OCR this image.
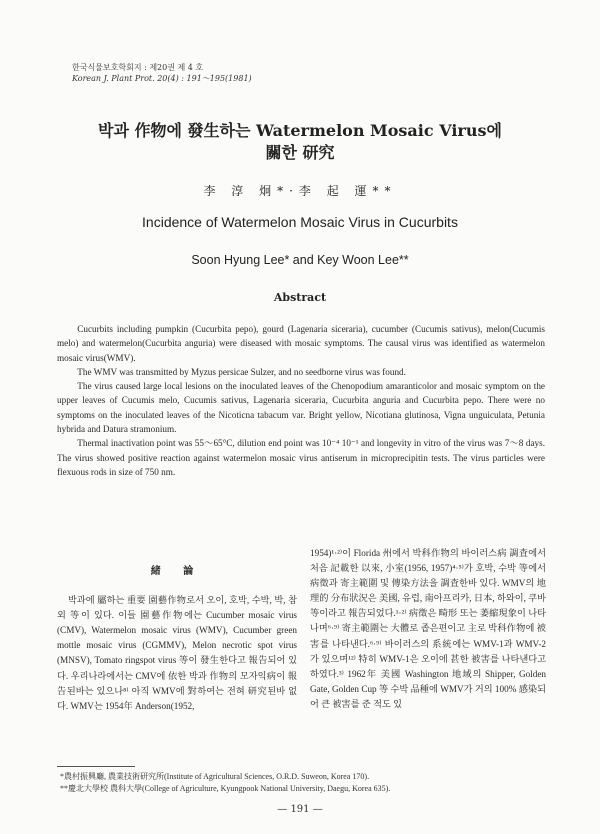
한국식물보호학회지 : 제20권 제 4 호
Korean J. Plant Prot. 20(4) : 191～195(1981)
박과 作物에 發生하는 Watermelon Mosaic Virus에
關한 研究
李 淳 炯*·李 起 運**
Incidence of Watermelon Mosaic Virus in Cucurbits
Soon Hyung Lee* and Key Woon Lee**
Abstract

Cucurbits including pumpkin (Cucurbita pepo), gourd (Lagenaria siceraria), cucumber (Cucumis sativus), melon(Cucumis melo) and watermelon(Cucurbita anguria) were diseased with mosaic symptoms. The causal virus was identified as watermelon mosaic virus(WMV).

The WMV was transmitted by Myzus persicae Sulzer, and no seedborne virus was found.

The virus caused large local lesions on the inoculated leaves of the Chenopodium amaranticolor and mosaic symptom on the upper leaves of Cucumis melo, Cucumis sativus, Lagenaria siceraria, Cucurbita anguria and Cucurbita pepo. There were no symptoms on the inoculated leaves of the Nicoticna tabacum var. Bright yellow, Nicotiana glutinosa, Vigna unguiculata, Petunia hybrida and Datura stramonium.

Thermal inactivation point was 55～65°C, dilution end point was 10⁻⁴ 10⁻¹ and longevity in vitro of the virus was 7～8 days. The virus showed positive reaction against watermelon mosaic virus antiserum in microprecipitin tests. The virus particles were flexuous rods in size of 750 nm.

緒 論

박과에 屬하는 重要 園藝作物로서 오이, 호박, 수박, 박, 참외 等이 있다. 이들 園藝作物에는 Cucumber mosaic virus (CMV), Watermelon mosaic virus (WMV), Cucumber green mottle mosaic virus (CGMMV), Melon necrotic spot virus (MNSV), Tomato ringspot virus 等이 發生한다고 報告되어 있다. 우리나라에서는 CMV에 依한 박과 作物의 모자익病이 報告된바는 있으나⁸⁾ 아직 WMV에 對하여는 전혀 研究된바 없다. WMV는 1954年 Anderson(1952,

1954)¹⋅²⁾이 Florida 州에서 박科作物의 바이러스病 調査에서 처음 記載한 以來, 小室(1956, 1957)⁴⋅⁵⁾가 호박, 수박 等에서 病徵과 寄主範圍 및 傳染方法을 調査한바 있다. WMV의 地理的 分布狀況은 美國, 유럽, 南아프리카, 日本, 하와이, 쿠바 等이라고 報告되었다.¹⋅²⁾ 病徵은 畸形 또는 萎縮現象이 나타나며⁶⋅⁹⁾ 寄主範圍는 大體로 좁은편이고 主로 박科作物에 被害를 나타낸다.⁶⋅⁹⁾ 바이러스의 系統에는 WMV-1과 WMV-2가 있으며¹²⁾ 特히 WMV-1은 오이에 甚한 被害를 나타낸다고 하였다.³⁾ 1962年 美國 Washington 地域의 Shipper, Golden Gate, Golden Cup 等 수박 品種에 WMV가 거의 100% 感染되어 큰 被害를 준 적도 있

*農村振興廳, 農業技術研究所(Institute of Agricultural Sciences, O.R.D. Suweon, Korea 170).
**慶北大學校 農科大學(College of Agriculture, Kyungpook National University, Daegu, Korea 635).
— 191 —
